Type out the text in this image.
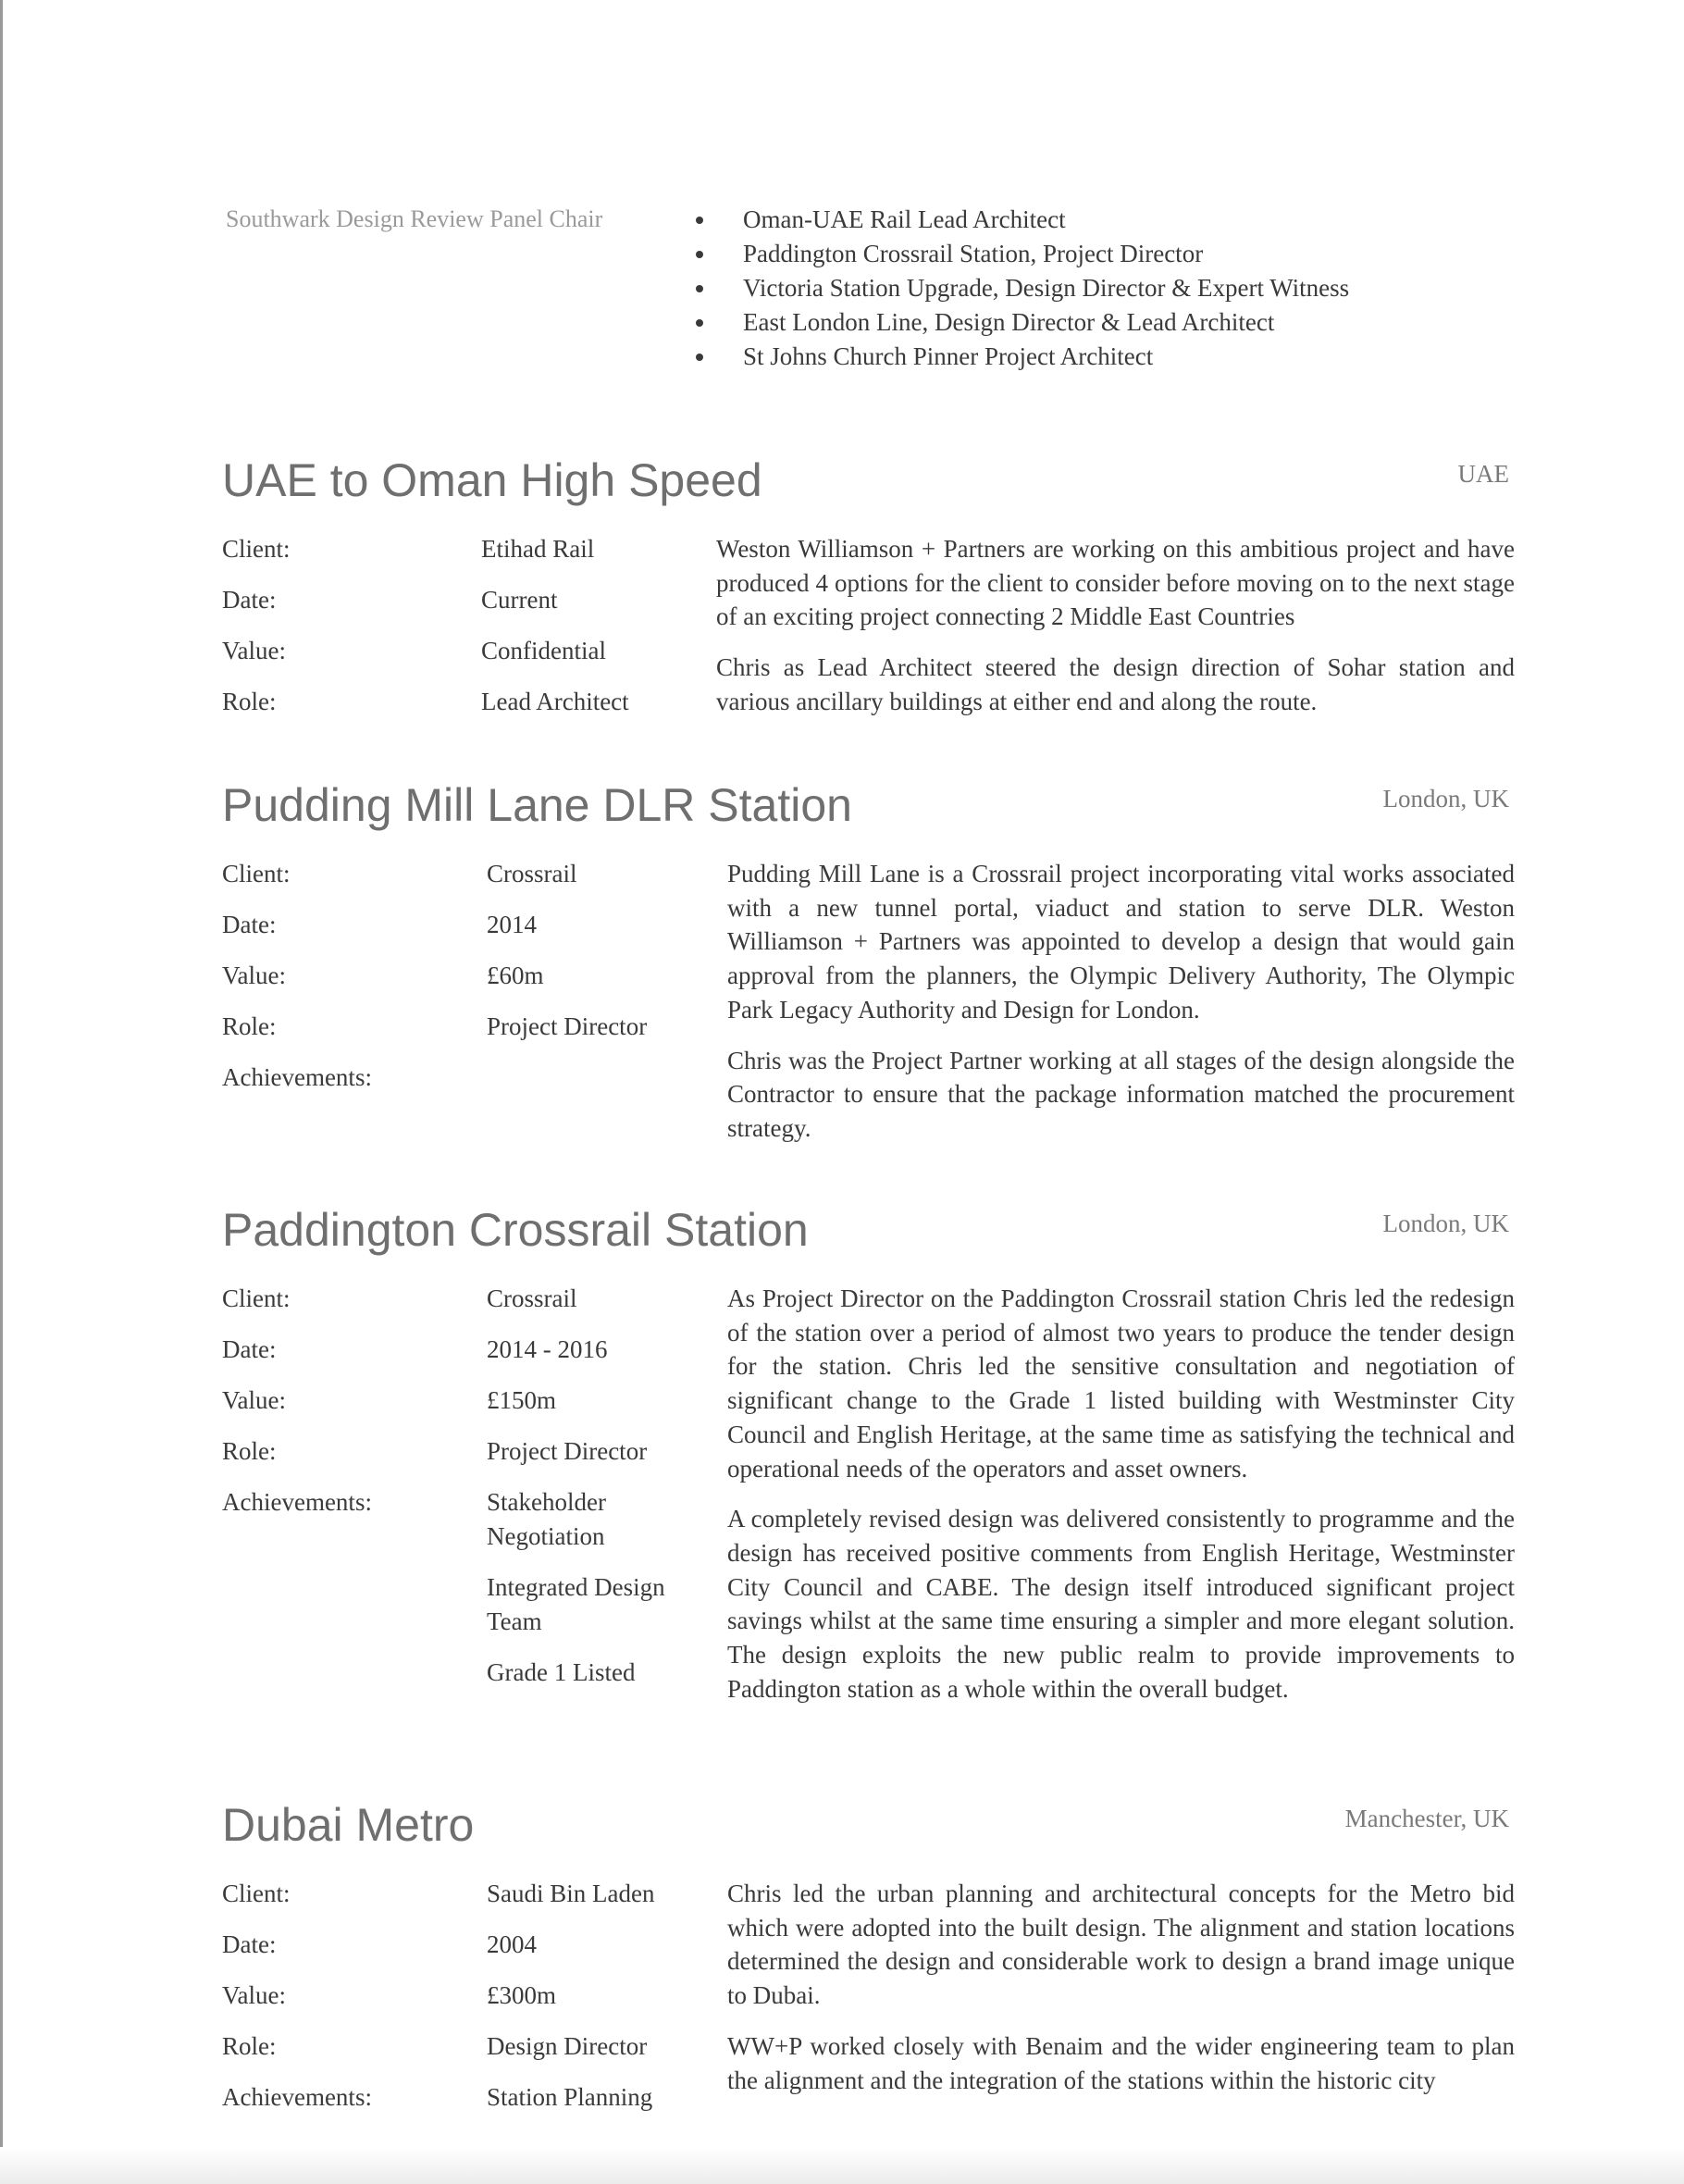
Southwark Design Review Panel Chair	Oman-UAE Rail Lead Architect
Paddington Crossrail Station, Project Director
Victoria Station Upgrade, Design Director & Expert Witness
East London Line, Design Director & Lead Architect
St Johns Church Pinner Project Architect
UAE to Oman High Speed	UAE
Client:	Etihad Rail
Date:	Current
Value:	Confidential
Role:	Lead Architect

Weston Williamson + Partners are working on this ambitious project and have produced 4 options for the client to consider before moving on to the next stage of an exciting project connecting 2 Middle East Countries

Chris as Lead Architect steered the design direction of Sohar station and various ancillary buildings at either end and along the route.

Pudding Mill Lane DLR Station	London, UK
Client:	Crossrail
Date:	2014
Value:	£60m
Role:	Project Director
Achievements:

Pudding Mill Lane is a Crossrail project incorporating vital works associated with a new tunnel portal, viaduct and station to serve DLR. Weston Williamson + Partners was appointed to develop a design that would gain approval from the planners, the Olympic Delivery Authority, The Olympic Park Legacy Authority and Design for London.

Chris was the Project Partner working at all stages of the design alongside the Contractor to ensure that the package information matched the procurement strategy.

Paddington Crossrail Station	London, UK
Client:	Crossrail
Date:	2014 - 2016
Value:	£150m
Role:	Project Director
Achievements:	Stakeholder Negotiation
Integrated Design Team
Grade 1 Listed

As Project Director on the Paddington Crossrail station Chris led the redesign of the station over a period of almost two years to produce the tender design for the station. Chris led the sensitive consultation and negotiation of significant change to the Grade 1 listed building with Westminster City Council and English Heritage, at the same time as satisfying the technical and operational needs of the operators and asset owners.

A completely revised design was delivered consistently to programme and the design has received positive comments from English Heritage, Westminster City Council and CABE. The design itself introduced significant project savings whilst at the same time ensuring a simpler and more elegant solution. The design exploits the new public realm to provide improvements to Paddington station as a whole within the overall budget.

Dubai Metro	Manchester, UK
Client:	Saudi Bin Laden
Date:	2004
Value:	£300m
Role:	Design Director
Achievements:	Station Planning

Chris led the urban planning and architectural concepts for the Metro bid which were adopted into the built design. The alignment and station locations determined the design and considerable work to design a brand image unique to Dubai.

WW+P worked closely with Benaim and the wider engineering team to plan the alignment and the integration of the stations within the historic city
